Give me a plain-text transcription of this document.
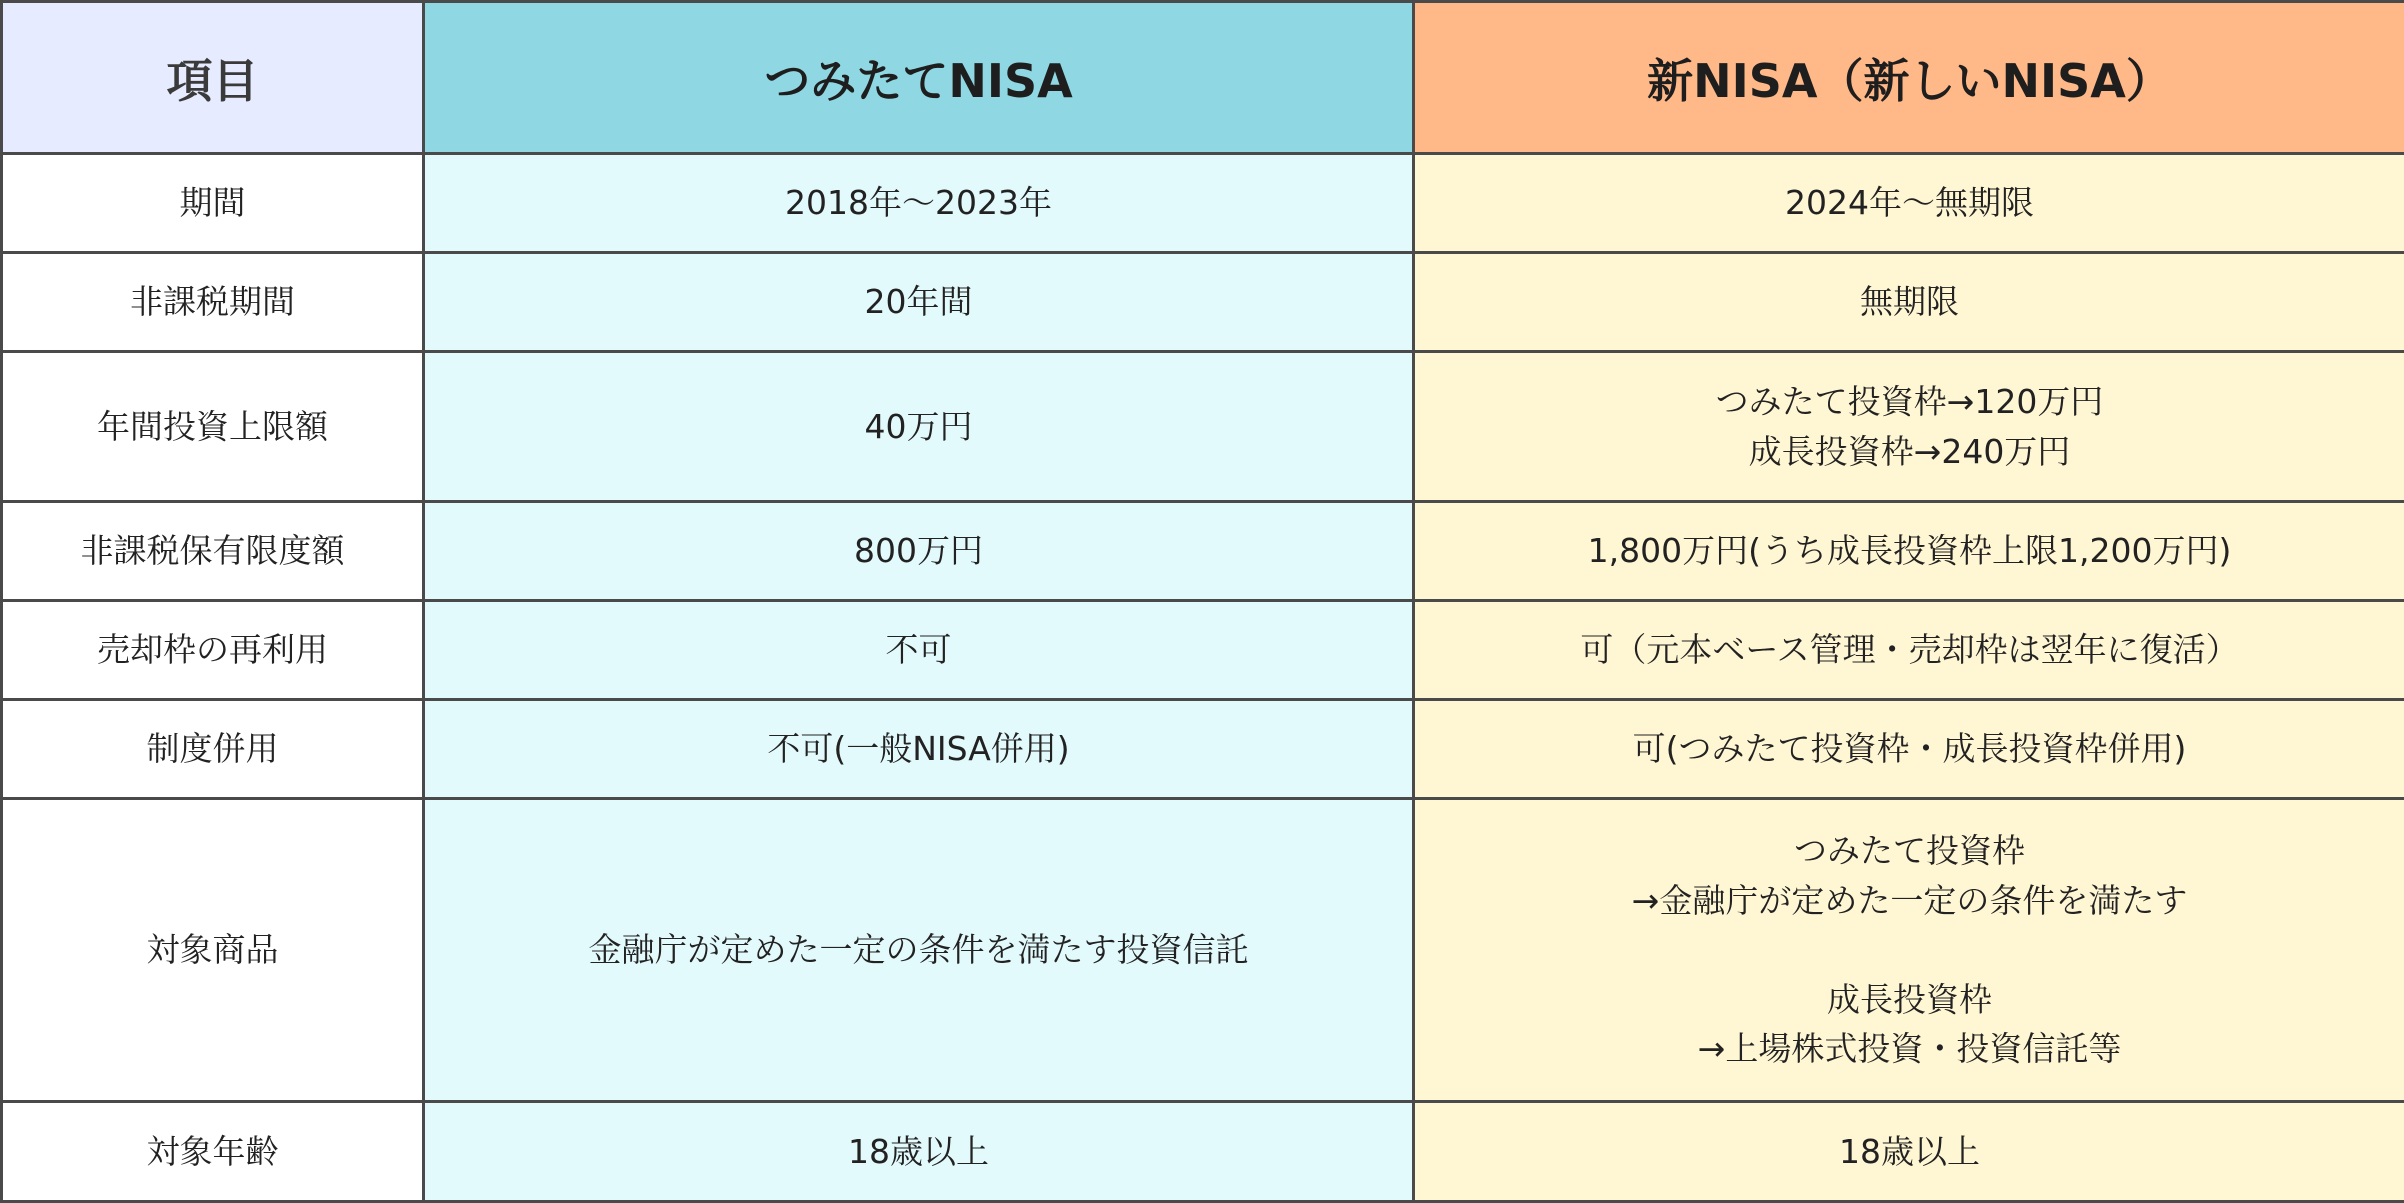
項目	つみたてNISA	新NISA（新しいNISA）
期間	2018年〜2023年	2024年〜無期限
非課税期間	20年間	無期限
年間投資上限額	40万円	つみたて投資枠→120万円
成長投資枠→240万円
非課税保有限度額	800万円	1,800万円(うち成長投資枠上限1,200万円)
売却枠の再利用	不可	可（元本ベース管理・売却枠は翌年に復活）
制度併用	不可(一般NISA併用)	可(つみたて投資枠・成長投資枠併用)
対象商品	金融庁が定めた一定の条件を満たす投資信託	つみたて投資枠
→金融庁が定めた一定の条件を満たす

成長投資枠
→上場株式投資・投資信託等
対象年齢	18歳以上	18歳以上
